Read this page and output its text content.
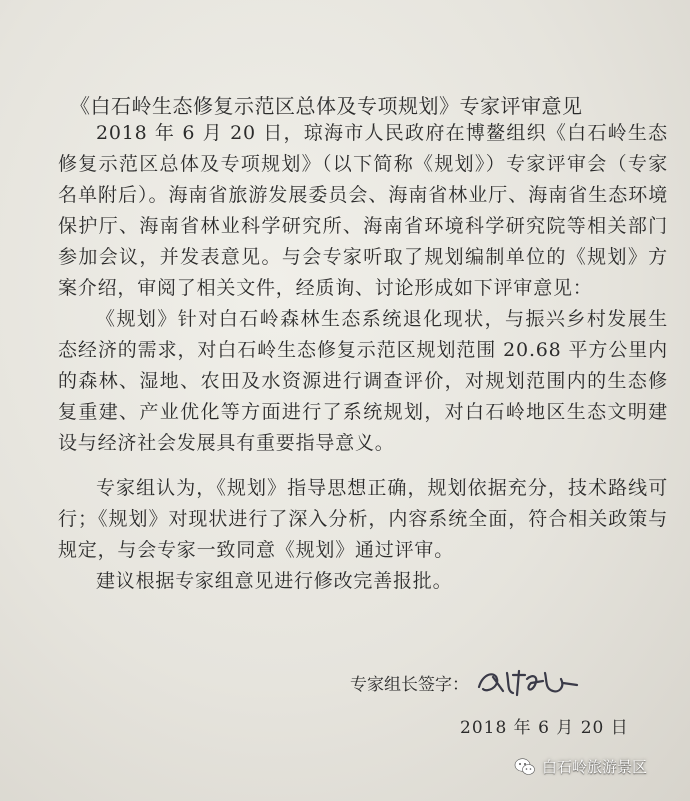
《白石岭生态修复示范区总体及专项规划》专家评审意见

2018 年 6 月 20 日，琼海市人民政府在博鳌组织《白石岭生态修复示范区总体及专项规划》（以下简称《规划》）专家评审会（专家名单附后）。海南省旅游发展委员会、海南省林业厅、海南省生态环境保护厅、海南省林业科学研究所、海南省环境科学研究院等相关部门参加会议，并发表意见。与会专家听取了规划编制单位的《规划》方案介绍，审阅了相关文件，经质询、讨论形成如下评审意见：

《规划》针对白石岭森林生态系统退化现状，与振兴乡村发展生态经济的需求，对白石岭生态修复示范区规划范围 20.68 平方公里内的森林、湿地、农田及水资源进行调查评价，对规划范围内的生态修复重建、产业优化等方面进行了系统规划，对白石岭地区生态文明建设与经济社会发展具有重要指导意义。

专家组认为，《规划》指导思想正确，规划依据充分，技术路线可行；《规划》对现状进行了深入分析，内容系统全面，符合相关政策与规定，与会专家一致同意《规划》通过评审。

建议根据专家组意见进行修改完善报批。

专家组长签字：
2018 年 6 月 20 日
白石岭旅游景区
